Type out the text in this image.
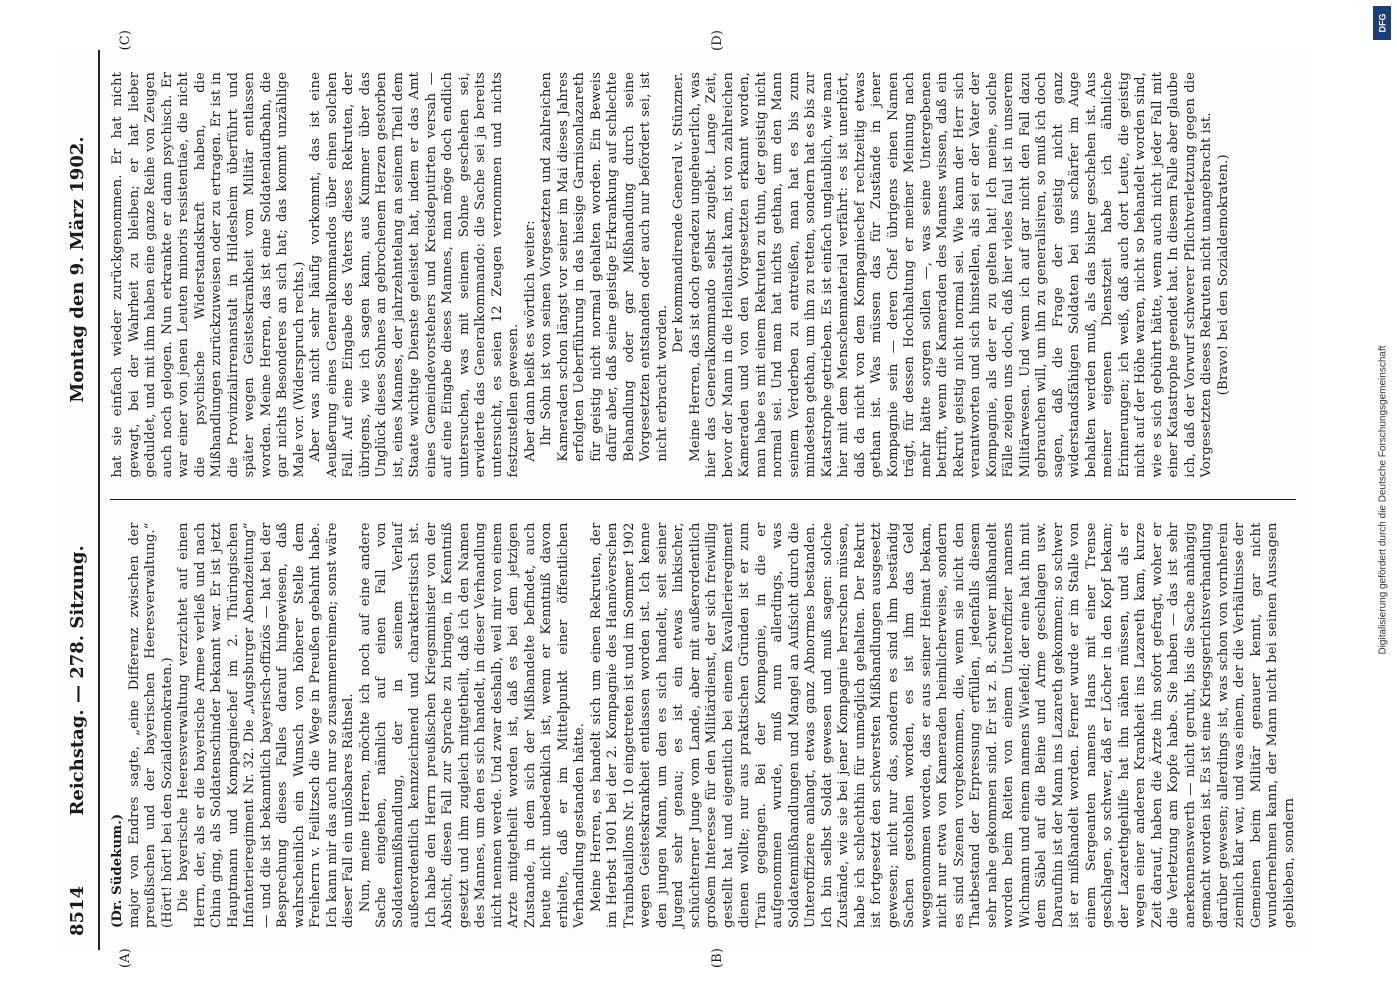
8514
Reichstag. — 278. Sitzung.
Montag den 9. März 1902.
(A)	(B)

(Dr. Südekum.) major von Endres sagte, „eine Differenz zwischen der preußischen und der bayerischen Heeresverwaltung.“ (Hört! hört! bei den Sozialdemokraten.) Die bayerische Heeresverwaltung verzichtet auf einen Herrn, der, als er die bayerische Armee verließ und nach China ging, als Soldatenschinder bekannt war. Er ist jetzt Hauptmann und Kompagniechef im 2. Thüringischen Infanterieregiment Nr. 32. Die „Augsburger Abendzeitung“ — und die ist bekanntlich bayerisch-offiziös — hat bei der Besprechung dieses Falles darauf hingewiesen, daß wahrscheinlich ein Wunsch von höherer Stelle dem Freiherrn v. Feilitzsch die Wege in Preußen gebahnt habe. Ich kann mir das auch nur so zusammenreimen; sonst wäre dieser Fall ein unlösbares Räthsel. Nun, meine Herren, möchte ich noch auf eine andere Sache eingehen, nämlich auf einen Fall von Soldatenmißhandlung, der in seinem Verlauf außerordentlich kennzeichnend und charakteristisch ist. Ich habe den Herrn preußischen Kriegsminister von der Absicht, diesen Fall zur Sprache zu bringen, in Kenntniß gesetzt und ihm zugleich mitgetheilt, daß ich den Namen des Mannes, um den es sich handelt, in dieser Verhandlung nicht nennen werde. Und zwar deshalb, weil mir von einem Arzte mitgetheilt worden ist, daß es bei dem jetzigen Zustande, in dem sich der Mißhandelte befindet, auch heute nicht unbedenklich ist, wenn er Kenntniß davon erhielte, daß er im Mittelpunkt einer öffentlichen Verhandlung gestanden hätte. Meine Herren, es handelt sich um einen Rekruten, der im Herbst 1901 bei der 2. Kompagnie des Hannöverschen Trainbataillons Nr. 10 eingetreten ist und im Sommer 1902 wegen Geisteskrankheit entlassen worden ist. Ich kenne den jungen Mann, um den es sich handelt, seit seiner Jugend sehr genau; es ist ein etwas linkischer, schüchterner Junge vom Lande, aber mit außerordentlich großem Interesse für den Militärdienst, der sich freiwillig gestellt hat und eigentlich bei einem Kavallerieregiment dienen wollte; nur aus praktischen Gründen ist er zum Train gegangen. Bei der Kompagnie, in die er aufgenommen wurde, muß nun allerdings, was Soldatenmißhandlungen und Mangel an Aufsicht durch die Unteroffiziere anlangt, etwas ganz Abnormes bestanden. Ich bin selbst Soldat gewesen und muß sagen: solche Zustände, wie sie bei jener Kompagnie herrschen müssen, habe ich schlechthin für unmöglich gehalten. Der Rekrut ist fortgesetzt den schwersten Mißhandlungen ausgesetzt gewesen; nicht nur das, sondern es sind ihm beständig Sachen gestohlen worden, es ist ihm das Geld weggenommen worden, das er aus seiner Heimat bekam, nicht nur etwa von Kameraden heimlicherweise, sondern es sind Szenen vorgekommen, die, wenn sie nicht den Thatbestand der Erpressung erfüllen, jedenfalls diesem sehr nahe gekommen sind. Er ist z. B. schwer mißhandelt worden beim Reiten von einem Unteroffizier namens Wichmann und einem namens Wiefeld; der eine hat ihn mit dem Säbel auf die Beine und Arme geschlagen usw. Daraufhin ist der Mann ins Lazareth gekommen; so schwer ist er mißhandelt worden. Ferner wurde er im Stalle von einem Sergeanten namens Hans mit einer Trense geschlagen, so schwer, daß er Löcher in den Kopf bekam; der Lazarethgehilfe hat ihn nähen müssen, und als er wegen einer anderen Krankheit ins Lazareth kam, kurze Zeit darauf, haben die Ärzte ihn sofort gefragt, woher er die Verletzung am Kopfe habe. Sie haben — das ist sehr anerkennenswerth — nicht geruht, bis die Sache anhängig gemacht worden ist. Es ist eine Kriegsgerichtsverhandlung darüber gewesen; allerdings ist, was schon von vornherein ziemlich klar war, und was einem, der die Verhältnisse der Gemeinen beim Militär genauer kennt, gar nicht wundernehmen kann, der Mann nicht bei seinen Aussagen geblieben, sondern

(C)	(D)

hat sie einfach wieder zurückgenommen. Er hat nicht gewagt, bei der Wahrheit zu bleiben; er hat lieber geduldet, und mit ihm haben eine ganze Reihe von Zeugen auch noch gelogen. Nun erkrankte er dann psychisch. Er war einer von jenen Leuten minoris resistentiae, die nicht die psychische Widerstandskraft haben, die Mißhandlungen zurückzuweisen oder zu ertragen. Er ist in die Provinzialirrenanstalt in Hildesheim überführt und später wegen Geisteskrankheit vom Militär entlassen worden. Meine Herren, das ist eine Soldatenlaufbahn, die gar nichts Besonderes an sich hat; das kommt unzählige Male vor. (Widerspruch rechts.) Aber was nicht sehr häufig vorkommt, das ist eine Aeußerung eines Generalkommandos über einen solchen Fall. Auf eine Eingabe des Vaters dieses Rekruten, der übrigens, wie ich sagen kann, aus Kummer über das Unglück dieses Sohnes an gebrochenem Herzen gestorben ist, eines Mannes, der jahrzehntelang an seinem Theil dem Staate wichtige Dienste geleistet hat, indem er das Amt eines Gemeindevorstehers und Kreisdeputirten versah — auf eine Eingabe dieses Mannes, man möge doch endlich untersuchen, was mit seinem Sohne geschehen sei, erwiderte das Generalkommando: die Sache sei ja bereits untersucht, es seien 12 Zeugen vernommen und nichts festzustellen gewesen. Aber dann heißt es wörtlich weiter: Ihr Sohn ist von seinen Vorgesetzten und zahlreichen Kameraden schon längst vor seiner im Mai dieses Jahres erfolgten Ueberführung in das hiesige Garnisonlazareth für geistig nicht normal gehalten worden. Ein Beweis dafür aber, daß seine geistige Erkrankung auf schlechte Behandlung oder gar Mißhandlung durch seine Vorgesetzten entstanden oder auch nur befördert sei, ist nicht erbracht worden.

Der kommandirende General v. Stünzner. Meine Herren, das ist doch geradezu ungeheuerlich, was hier das Generalkommando selbst zugiebt. Lange Zeit, bevor der Mann in die Heilanstalt kam, ist von zahlreichen Kameraden und von den Vorgesetzten erkannt worden, man habe es mit einem Rekruten zu thun, der geistig nicht normal sei. Und man hat nichts gethan, um den Mann seinem Verderben zu entreißen, man hat es bis zum mindesten gethan, um ihn zu retten, sondern hat es bis zur Katastrophe getrieben. Es ist einfach unglaublich, wie man hier mit dem Menschenmaterial verfährt: es ist unerhört, daß da nicht von dem Kompagniechef rechtzeitig etwas gethan ist. Was müssen das für Zustände in jener Kompagnie sein — deren Chef übrigens einen Namen trägt, für dessen Hochhaltung er meiner Meinung nach mehr hätte sorgen sollen —, was seine Untergebenen betrifft, wenn die Kameraden des Mannes wissen, daß ein Rekrut geistig nicht normal sei. Wie kann der Herr sich verantworten und sich hinstellen, als sei er der Vater der Kompagnie, als der er zu gelten hat! Ich meine, solche Fälle zeigen uns doch, daß hier vieles faul ist in unserem Militärwesen. Und wenn ich auf gar nicht den Fall dazu gebrauchen will, um ihn zu generalisiren, so muß ich doch sagen, daß die Frage der geistig nicht ganz widerstandsfähigen Soldaten bei uns schärfer im Auge behalten werden muß, als das bisher geschehen ist. Aus meiner eigenen Dienstzeit habe ich ähnliche Erinnerungen; ich weiß, daß auch dort Leute, die geistig nicht auf der Höhe waren, nicht so behandelt worden sind, wie es sich gebührt hätte, wenn auch nicht jeder Fall mit einer Katastrophe geendet hat. In diesem Falle aber glaube ich, daß der Vorwurf schwerer Pflichtverletzung gegen die Vorgesetzten dieses Rekruten nicht unangebracht ist. (Bravo! bei den Sozialdemokraten.)

Digitalisierung gefördert durch die Deutsche Forschungsgemeinschaft
DFG
